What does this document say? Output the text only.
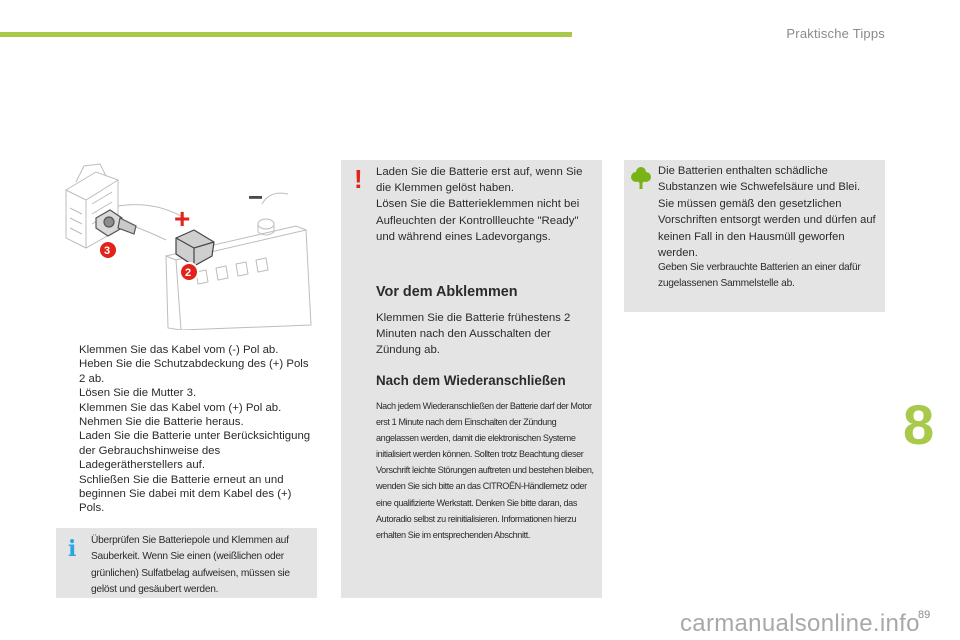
Praktische Tipps
+
−
3
2
Klemmen Sie das Kabel vom (-) Pol ab.
Heben Sie die Schutzabdeckung des (+) Pols 2 ab.
Lösen Sie die Mutter 3.
Klemmen Sie das Kabel vom (+) Pol ab.
Nehmen Sie die Batterie heraus.
Laden Sie die Batterie unter Berücksichtigung der Gebrauchshinweise des Ladegerätherstellers auf.
Schließen Sie die Batterie erneut an und beginnen Sie dabei mit dem Kabel des (+) Pols.
i Überprüfen Sie Batteriepole und Klemmen auf Sauberkeit. Wenn Sie einen (weißlichen oder grünlichen) Sulfatbelag aufweisen, müssen sie gelöst und gesäubert werden.
! Laden Sie die Batterie erst auf, wenn Sie die Klemmen gelöst haben.

Lösen Sie die Batterieklemmen nicht bei Aufleuchten der Kontrollleuchte "Ready" und während eines Ladevorgangs.

Vor dem Abklemmen

Klemmen Sie die Batterie frühestens 2 Minuten nach den Ausschalten der Zündung ab.

Nach dem Wiederanschließen

Nach jedem Wiederanschließen der Batterie darf der Motor erst 1 Minute nach dem Einschalten der Zündung angelassen werden, damit die elektronischen Systeme initialisiert werden können. Sollten trotz Beachtung dieser Vorschrift leichte Störungen auftreten und bestehen bleiben, wenden Sie sich bitte an das CITROËN-Händlernetz oder eine qualifizierte Werkstatt. Denken Sie bitte daran, das Autoradio selbst zu reinitialisieren. Informationen hierzu erhalten Sie im entsprechenden Abschnitt.

Die Batterien enthalten schädliche Substanzen wie Schwefelsäure und Blei. Sie müssen gemäß den gesetzlichen Vorschriften entsorgt werden und dürfen auf keinen Fall in den Hausmüll geworfen werden.

Geben Sie verbrauchte Batterien an einer dafür zugelassenen Sammelstelle ab.

8
carmanualsonline.info
89
